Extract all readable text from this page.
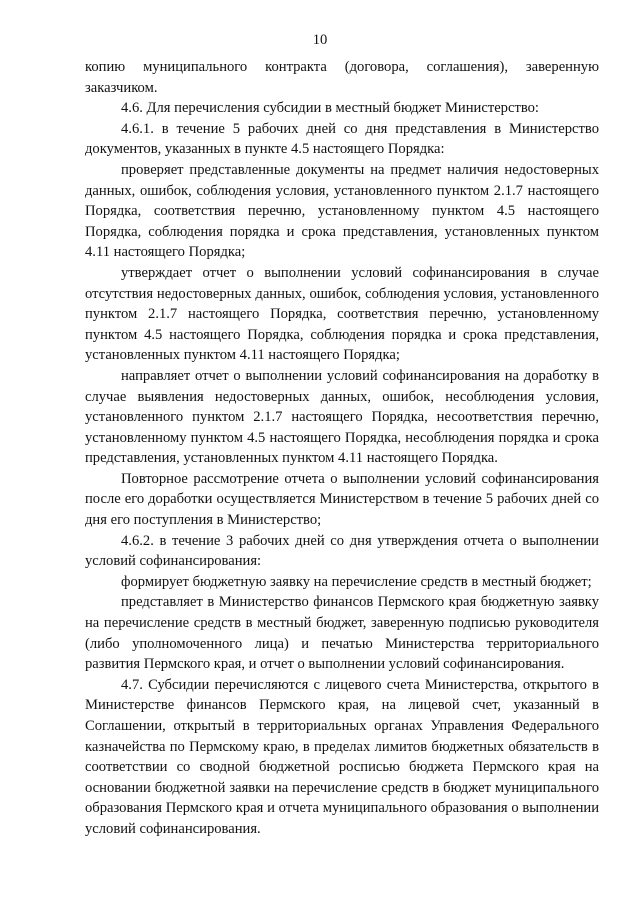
10

копию муниципального контракта (договора, соглашения), заверенную заказчиком.

4.6. Для перечисления субсидии в местный бюджет Министерство:

4.6.1. в течение 5 рабочих дней со дня представления в Министерство документов, указанных в пункте 4.5 настоящего Порядка:

проверяет представленные документы на предмет наличия недостоверных данных, ошибок, соблюдения условия, установленного пунктом 2.1.7 настоящего Порядка, соответствия перечню, установленному пунктом 4.5 настоящего Порядка, соблюдения порядка и срока представления, установленных пунктом 4.11 настоящего Порядка;

утверждает отчет о выполнении условий софинансирования в случае отсутствия недостоверных данных, ошибок, соблюдения условия, установленного пунктом 2.1.7 настоящего Порядка, соответствия перечню, установленному пунктом 4.5 настоящего Порядка, соблюдения порядка и срока представления, установленных пунктом 4.11 настоящего Порядка;

направляет отчет о выполнении условий софинансирования на доработку в случае выявления недостоверных данных, ошибок, несоблюдения условия, установленного пунктом 2.1.7 настоящего Порядка, несоответствия перечню, установленному пунктом 4.5 настоящего Порядка, несоблюдения порядка и срока представления, установленных пунктом 4.11 настоящего Порядка.

Повторное рассмотрение отчета о выполнении условий софинансирования после его доработки осуществляется Министерством в течение 5 рабочих дней со дня его поступления в Министерство;

4.6.2. в течение 3 рабочих дней со дня утверждения отчета о выполнении условий софинансирования:

формирует бюджетную заявку на перечисление средств в местный бюджет;

представляет в Министерство финансов Пермского края бюджетную заявку на перечисление средств в местный бюджет, заверенную подписью руководителя (либо уполномоченного лица) и печатью Министерства территориального развития Пермского края, и отчет о выполнении условий софинансирования.

4.7. Субсидии перечисляются с лицевого счета Министерства, открытого в Министерстве финансов Пермского края, на лицевой счет, указанный в Соглашении, открытый в территориальных органах Управления Федерального казначейства по Пермскому краю, в пределах лимитов бюджетных обязательств в соответствии со сводной бюджетной росписью бюджета Пермского края на основании бюджетной заявки на перечисление средств в бюджет муниципального образования Пермского края и отчета муниципального образования о выполнении условий софинансирования.
